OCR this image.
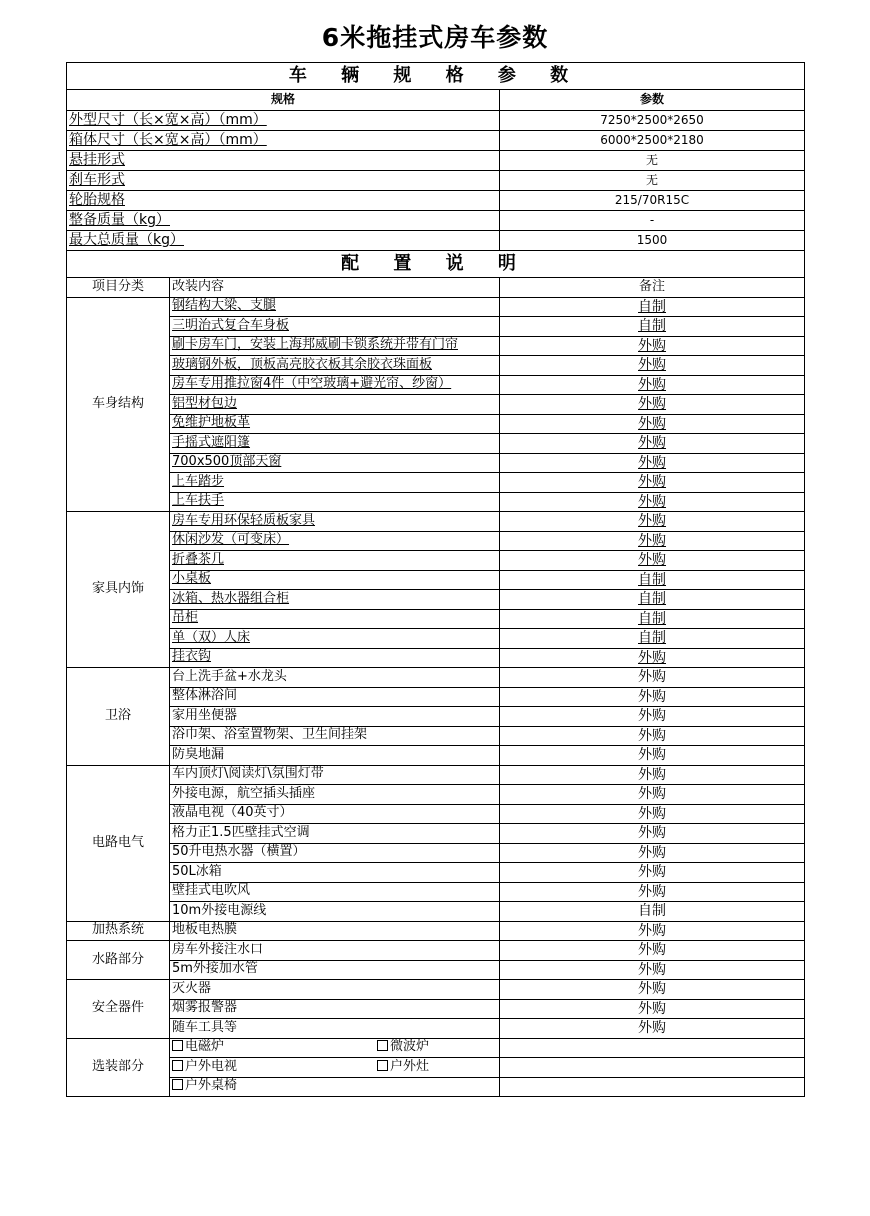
6米拖挂式房车参数
车 辆 规 格 参 数		
规格		参数
外型尺寸（长×宽×高）（mm）		7250*2500*2650
箱体尺寸（长×宽×高）（mm）		6000*2500*2180
悬挂形式		无
刹车形式		无
轮胎规格		215/70R15C
整备质量（kg）		-
最大总质量（kg）		1500
配 置 说 明		
项目分类	改装内容	备注
车身结构	钢结构大梁、支腿	自制
	三明治式复合车身板	自制
	刷卡房车门，安装上海邦威刷卡锁系统并带有门帘	外购
	玻璃钢外板，顶板高亮胶衣板其余胶衣珠面板	外购
	房车专用推拉窗4件（中空玻璃+避光帘、纱窗）	外购
	铝型材包边	外购
	免维护地板革	外购
	手摇式遮阳篷	外购
	700x500顶部天窗	外购
	上车踏步	外购
	上车扶手	外购
家具内饰	房车专用环保轻质板家具	外购
	休闲沙发（可变床）	外购
	折叠茶几	外购
	小桌板	自制
	冰箱、热水器组合柜	自制
	吊柜	自制
	单（双）人床	自制
	挂衣钩	外购
卫浴	台上洗手盆+水龙头	外购
	整体淋浴间	外购
	家用坐便器	外购
	浴巾架、浴室置物架、卫生间挂架	外购
	防臭地漏	外购
电路电气	车内顶灯\阅读灯\氛围灯带	外购
	外接电源，航空插头插座	外购
	液晶电视（40英寸）	外购
	格力正1.5匹壁挂式空调	外购
	50升电热水器（横置）	外购
	50L冰箱	外购
	壁挂式电吹风	外购
	10m外接电源线	自制
加热系统	地板电热膜	外购
水路部分	房车外接注水口	外购
	5m外接加水管	外购
安全器件	灭火器	外购
	烟雾报警器	外购
	随车工具等	外购
选装部分	电磁炉 微波炉	
	户外电视 户外灶	
	户外桌椅	
